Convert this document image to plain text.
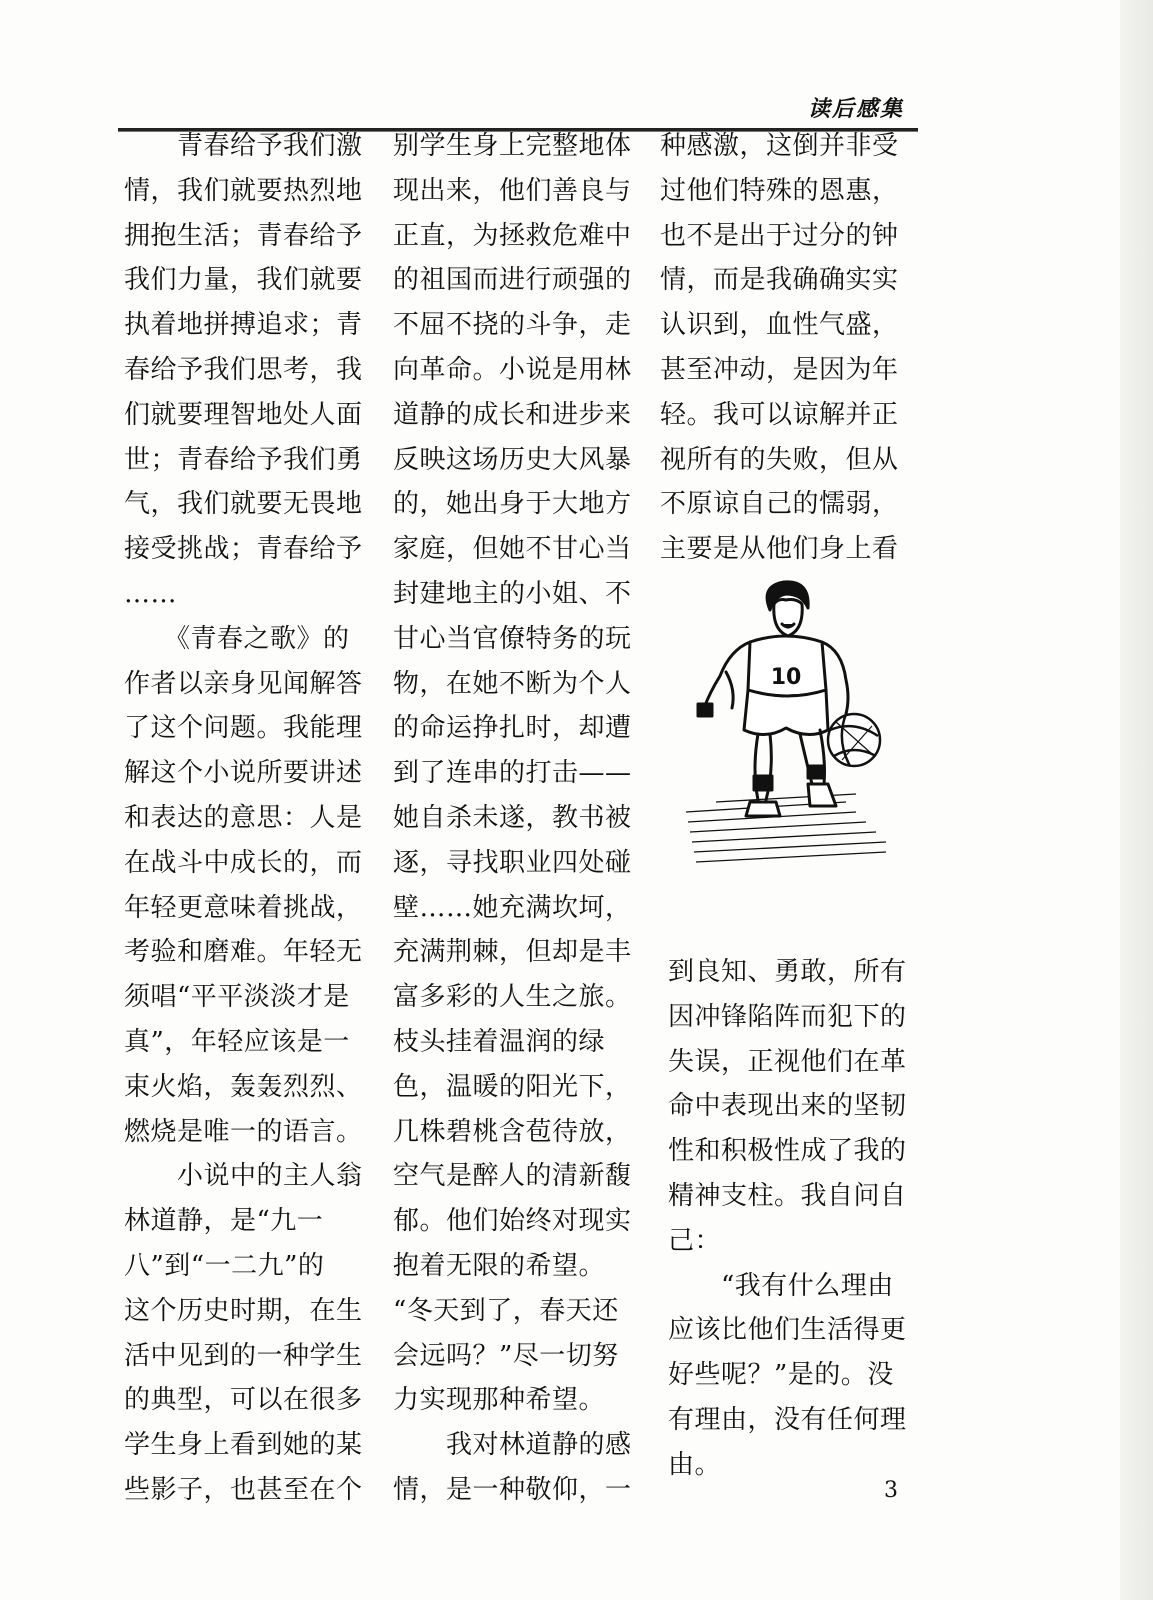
读后感集

　　青春给予我们激
情，我们就要热烈地
拥抱生活；青春给予
我们力量，我们就要
执着地拼搏追求；青
春给予我们思考，我
们就要理智地处人面
世；青春给予我们勇
气，我们就要无畏地
接受挑战；青春给予
……
　　《青春之歌》的
作者以亲身见闻解答
了这个问题。我能理
解这个小说所要讲述
和表达的意思：人是
在战斗中成长的，而
年轻更意味着挑战，
考验和磨难。年轻无
须唱“平平淡淡才是
真”，年轻应该是一
束火焰，轰轰烈烈、
燃烧是唯一的语言。
　　小说中的主人翁
林道静，是“九一
八”到“一二九”的
这个历史时期，在生
活中见到的一种学生
的典型，可以在很多
学生身上看到她的某
些影子，也甚至在个

别学生身上完整地体
现出来，他们善良与
正直，为拯救危难中
的祖国而进行顽强的
不屈不挠的斗争，走
向革命。小说是用林
道静的成长和进步来
反映这场历史大风暴
的，她出身于大地方
家庭，但她不甘心当
封建地主的小姐、不
甘心当官僚特务的玩
物，在她不断为个人
的命运挣扎时，却遭
到了连串的打击——
她自杀未遂，教书被
逐，寻找职业四处碰
壁……她充满坎坷，
充满荆棘，但却是丰
富多彩的人生之旅。
枝头挂着温润的绿
色，温暖的阳光下，
几株碧桃含苞待放，
空气是醉人的清新馥
郁。他们始终对现实
抱着无限的希望。
“冬天到了，春天还
会远吗？”尽一切努
力实现那种希望。
　　我对林道静的感
情，是一种敬仰，一

种感激，这倒并非受
过他们特殊的恩惠，
也不是出于过分的钟
情，而是我确确实实
认识到，血性气盛，
甚至冲动，是因为年
轻。我可以谅解并正
视所有的失败，但从
不原谅自己的懦弱，
主要是从他们身上看

到良知、勇敢，所有
因冲锋陷阵而犯下的
失误，正视他们在革
命中表现出来的坚韧
性和积极性成了我的
精神支柱。我自问自
己：
　　“我有什么理由
应该比他们生活得更
好些呢？”是的。没
有理由，没有任何理
由。

10
3
